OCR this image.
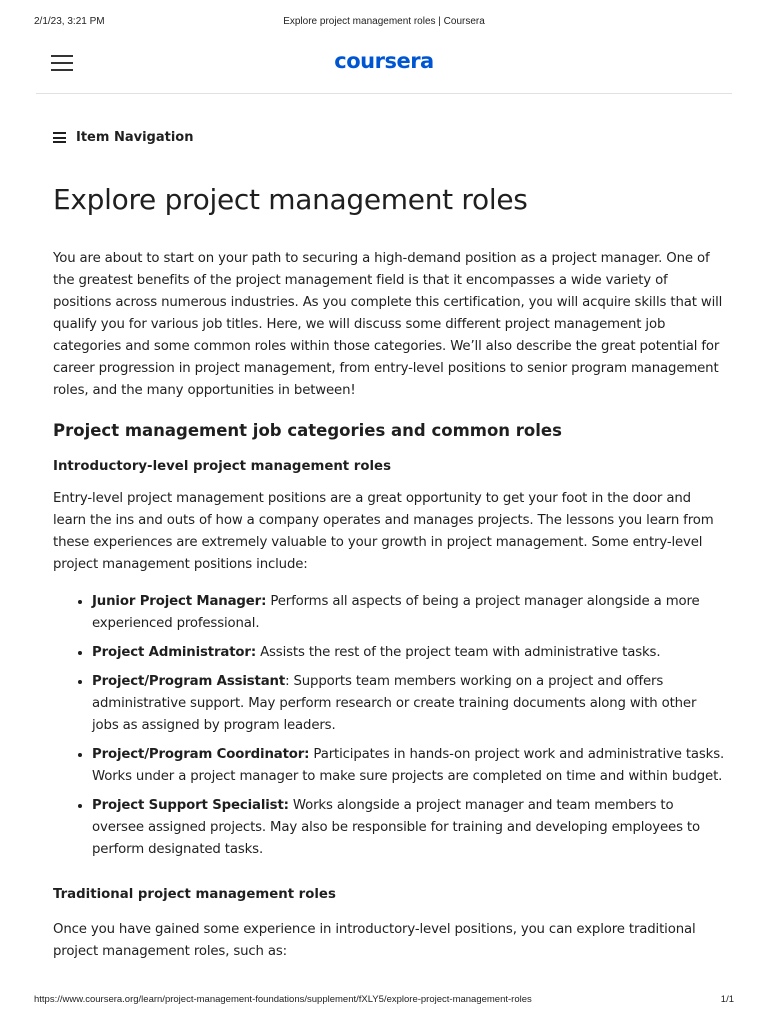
2/1/23, 3:21 PM	Explore project management roles | Coursera
coursera
Item Navigation
Explore project management roles

You are about to start on your path to securing a high-demand position as a project manager. One of the greatest benefits of the project management field is that it encompasses a wide variety of positions across numerous industries. As you complete this certification, you will acquire skills that will qualify you for various job titles. Here, we will discuss some different project management job categories and some common roles within those categories. We’ll also describe the great potential for career progression in project management, from entry-level positions to senior program management roles, and the many opportunities in between!

Project management job categories and common roles
Introductory-level project management roles

Entry-level project management positions are a great opportunity to get your foot in the door and learn the ins and outs of how a company operates and manages projects. The lessons you learn from these experiences are extremely valuable to your growth in project management. Some entry-level project management positions include:

• Junior Project Manager: Performs all aspects of being a project manager alongside a more experienced professional.
• Project Administrator: Assists the rest of the project team with administrative tasks.
• Project/Program Assistant: Supports team members working on a project and offers administrative support. May perform research or create training documents along with other jobs as assigned by program leaders.
• Project/Program Coordinator: Participates in hands-on project work and administrative tasks. Works under a project manager to make sure projects are completed on time and within budget.
• Project Support Specialist: Works alongside a project manager and team members to oversee assigned projects. May also be responsible for training and developing employees to perform designated tasks.
Traditional project management roles

Once you have gained some experience in introductory-level positions, you can explore traditional project management roles, such as:

https://www.coursera.org/learn/project-management-foundations/supplement/fXLY5/explore-project-management-roles	1/1
